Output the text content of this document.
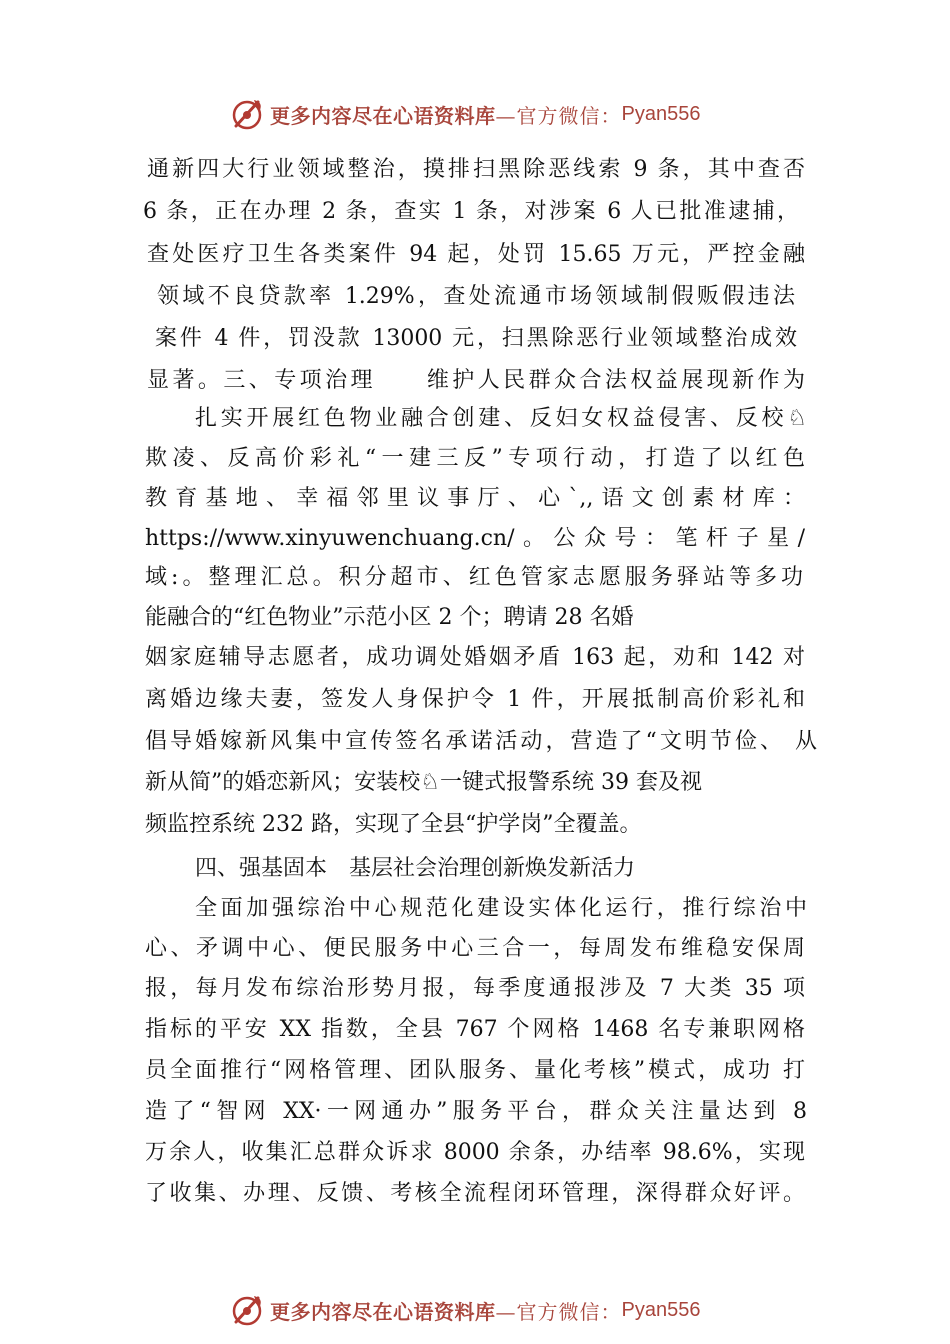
更多内容尽在心语资料库 —官方微信： Pyan556
通新四大行业领域整治，摸排扫黑除恶线索 9 条，其中查否
6 条，正在办理 2 条，查实 1 条，对涉案 6 人已批准逮捕，
查处医疗卫生各类案件 94 起，处罚 15.65 万元，严控金融
领域不良贷款率 1.29%，查处流通市场领域制假贩假违法
案件 4 件，罚没款 13000 元，扫黑除恶行业领域整治成效
显著。三、专项治理　　维护人民群众合法权益展现新作为
扎实开展红色物业融合创建、反妇女权益侵害、反校♘
欺凌、反高价彩礼“一建三反”专项行动，打造了以红色
教育基地、幸福邻里议事厅、心`,,语文创素材库：
https://www.xinyuwenchuang.cn/。公众号：笔杆子星/
域:。整理汇总。积分超市、红色管家志愿服务驿站等多功
能融合的“红色物业”示范小区 2 个；聘请 28 名婚
姻家庭辅导志愿者，成功调处婚姻矛盾 163 起，劝和 142 对
离婚边缘夫妻，签发人身保护令 1 件，开展抵制高价彩礼和
倡导婚嫁新风集中宣传签名承诺活动，营造了“文明节俭、 从
新从简”的婚恋新风；安装校♘一键式报警系统 39 套及视
频监控系统 232 路，实现了全县“护学岗”全覆盖。
四、强基固本　基层社会治理创新焕发新活力
全面加强综治中心规范化建设实体化运行，推行综治中
心、矛调中心、便民服务中心三合一，每周发布维稳安保周
报，每月发布综治形势月报，每季度通报涉及 7 大类 35 项
指标的平安 XX 指数，全县 767 个网格 1468 名专兼职网格
员全面推行“网格管理、团队服务、量化考核”模式，成功 打
造了“智网 XX·一网通办”服务平台，群众关注量达到 8
万余人，收集汇总群众诉求 8000 余条，办结率 98.6%，实现
了收集、办理、反馈、考核全流程闭环管理，深得群众好评。
更多内容尽在心语资料库 —官方微信： Pyan556
